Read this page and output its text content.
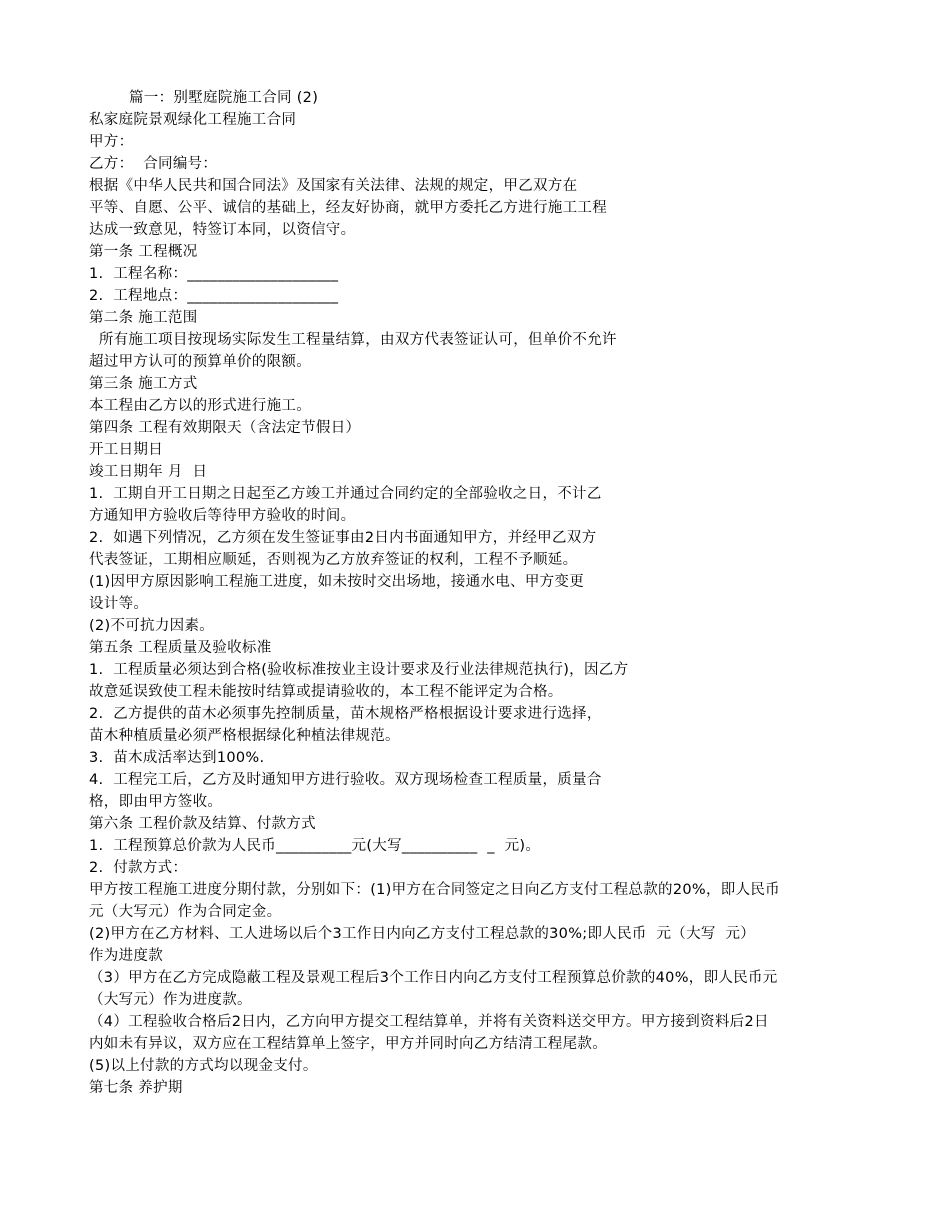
篇一：别墅庭院施工合同 (2)
私家庭院景观绿化工程施工合同
甲方：
乙方：  合同编号：
根据《中华人民共和国合同法》及国家有关法律、法规的规定，甲乙双方在
平等、自愿、公平、诚信的基础上，经友好协商，就甲方委托乙方进行施工工程
达成一致意见，特签订本同，以资信守。
第一条 工程概况
1.  工程名称：____________________
2.  工程地点：____________________
第二条 施工范围
所有施工项目按现场实际发生工程量结算，由双方代表签证认可，但单价不允许
超过甲方认可的预算单价的限额。
第三条 施工方式
本工程由乙方以的形式进行施工。
第四条 工程有效期限天（含法定节假日）
开工日期日
竣工日期年 月  日
1.  工期自开工日期之日起至乙方竣工并通过合同约定的全部验收之日，不计乙
方通知甲方验收后等待甲方验收的时间。
2.  如遇下列情况，乙方须在发生签证事由2日内书面通知甲方，并经甲乙双方
代表签证，工期相应顺延，否则视为乙方放弃签证的权利，工程不予顺延。
(1)因甲方原因影响工程施工进度，如未按时交出场地，接通水电、甲方变更
设计等。
(2)不可抗力因素。
第五条 工程质量及验收标准
1.  工程质量必须达到合格(验收标准按业主设计要求及行业法律规范执行)，因乙方
故意延误致使工程未能按时结算或提请验收的，本工程不能评定为合格。
2.  乙方提供的苗木必须事先控制质量，苗木规格严格根据设计要求进行选择，
苗木种植质量必须严格根据绿化种植法律规范。
3.  苗木成活率达到100%.
4.  工程完工后，乙方及时通知甲方进行验收。双方现场检查工程质量，质量合
格，即由甲方签收。
第六条 工程价款及结算、付款方式
1.  工程预算总价款为人民币__________元(大写__________  _  元)。
2.  付款方式：
甲方按工程施工进度分期付款，分别如下：(1)甲方在合同签定之日向乙方支付工程总款的20%，即人民币
元（大写元）作为合同定金。
(2)甲方在乙方材料、工人进场以后个3工作日内向乙方支付工程总款的30%;即人民币  元（大写  元）
作为进度款
（3）甲方在乙方完成隐蔽工程及景观工程后3个工作日内向乙方支付工程预算总价款的40%，即人民币元
（大写元）作为进度款。
（4）工程验收合格后2日内，乙方向甲方提交工程结算单，并将有关资料送交甲方。甲方接到资料后2日
内如未有异议，双方应在工程结算单上签字，甲方并同时向乙方结清工程尾款。
(5)以上付款的方式均以现金支付。
第七条 养护期
